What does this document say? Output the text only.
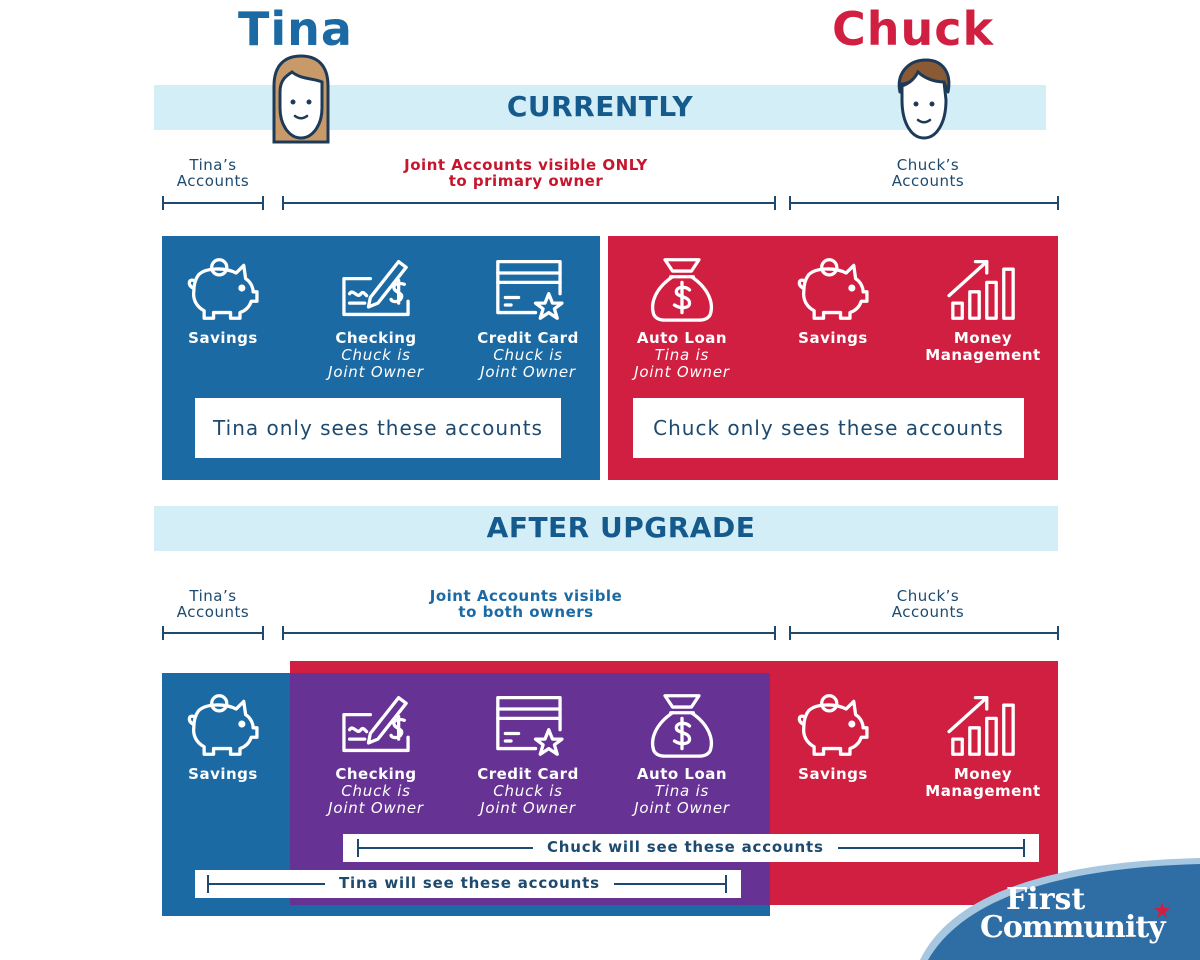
Tina	Chuck
CURRENTLY
Tina’s
Accounts
Joint Accounts visible ONLY
to primary owner
Chuck’s
Accounts
Savings	Checking
Chuck is
Joint Owner
Credit Card
Chuck is
Joint Owner
Auto Loan
Tina is
Joint Owner
Savings	Money
Management
Tina only sees these accounts	Chuck only sees these accounts
AFTER UPGRADE
Tina’s
Accounts
Joint Accounts visible
to both owners
Chuck’s
Accounts
Savings	Checking
Chuck is
Joint Owner
Credit Card
Chuck is
Joint Owner
Auto Loan
Tina is
Joint Owner
Savings	Money
Management
Chuck will see these accounts
Tina will see these accounts	First
Community
